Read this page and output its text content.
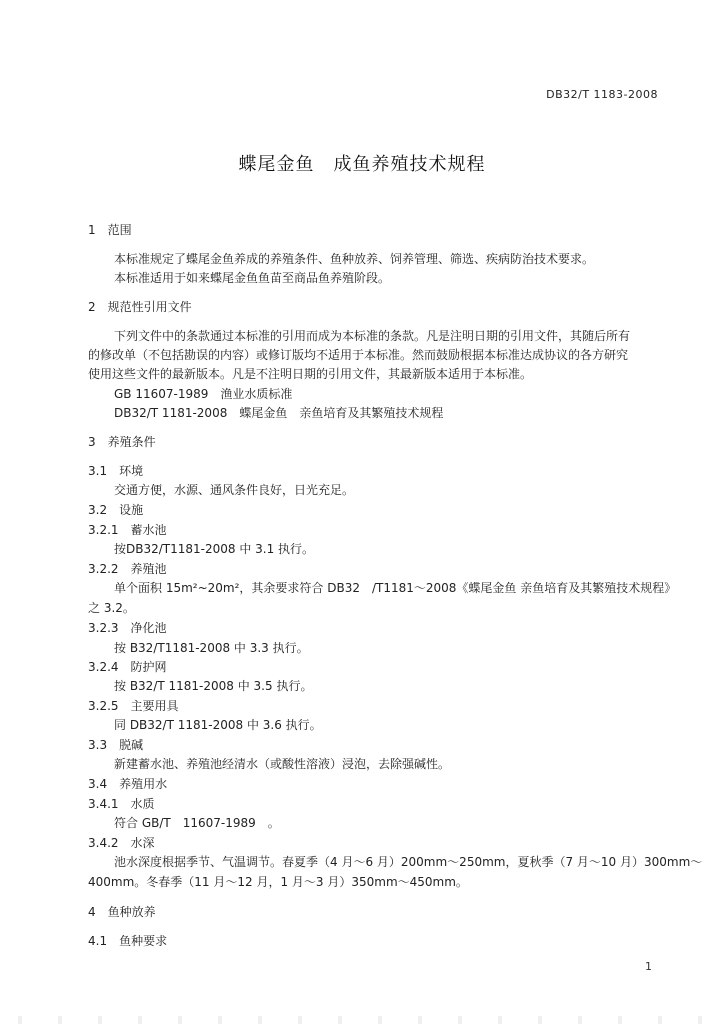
DB32/T 1183-2008
蝶尾金鱼　成鱼养殖技术规程
1　范围
本标准规定了蝶尾金鱼养成的养殖条件、鱼种放养、饲养管理、筛选、疾病防治技术要求。
本标准适用于如来蝶尾金鱼鱼苗至商品鱼养殖阶段。
2　规范性引用文件
下列文件中的条款通过本标准的引用而成为本标准的条款。凡是注明日期的引用文件，其随后所有
的修改单（不包括勘误的内容）或修订版均不适用于本标准。然而鼓励根据本标准达成协议的各方研究
使用这些文件的最新版本。凡是不注明日期的引用文件，其最新版本适用于本标准。
GB 11607-1989　渔业水质标准
DB32/T 1181-2008　蝶尾金鱼　亲鱼培育及其繁殖技术规程
3　养殖条件
3.1　环境
交通方便，水源、通风条件良好，日光充足。
3.2　设施
3.2.1　蓄水池
按DB32/T1181-2008 中 3.1 执行。
3.2.2　养殖池
单个面积 15m²~20m²，其余要求符合 DB32　/T1181～2008《蝶尾金鱼 亲鱼培育及其繁殖技术规程》
之 3.2。
3.2.3　净化池
按 B32/T1181-2008 中 3.3 执行。
3.2.4　防护网
按 B32/T 1181-2008 中 3.5 执行。
3.2.5　主要用具
同 DB32/T 1181-2008 中 3.6 执行。
3.3　脱碱
新建蓄水池、养殖池经清水（或酸性溶液）浸泡，去除强碱性。
3.4　养殖用水
3.4.1　水质
符合 GB/T　11607-1989　。
3.4.2　水深
池水深度根据季节、气温调节。春夏季（4 月～6 月）200mm～250mm，夏秋季（7 月～10 月）300mm～
400mm。冬春季（11 月～12 月，1 月～3 月）350mm～450mm。
4　鱼种放养
4.1　鱼种要求
1
